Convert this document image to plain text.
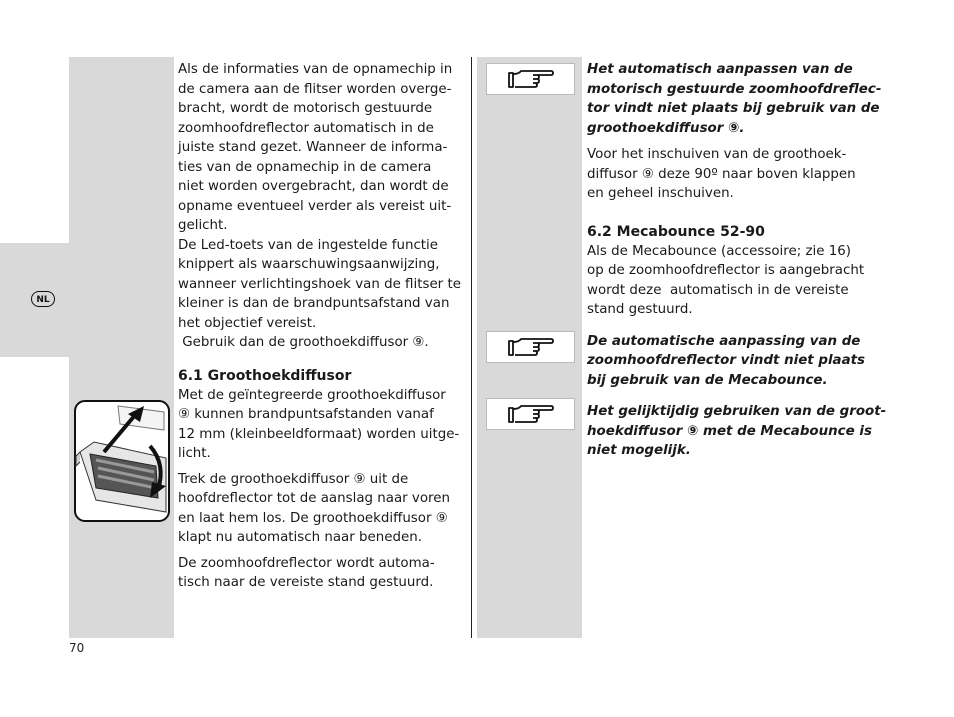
NL

Als de informaties van de opnamechip in
de camera aan de flitser worden overge-
bracht, wordt de motorisch gestuurde
zoomhoofdreflector automatisch in de
juiste stand gezet. Wanneer de informa-
ties van de opnamechip in de camera
niet worden overgebracht, dan wordt de
opname eventueel verder als vereist uit-
gelicht.
De Led-toets van de ingestelde functie
knippert als waarschuwingsaanwijzing,
wanneer verlichtingshoek van de flitser te
kleiner is dan de brandpuntsafstand van
het objectief vereist.
Gebruik dan de groothoekdiffusor ⑨.

6.1 Groothoekdiffusor

Met de geïntegreerde groothoekdiffusor
⑨ kunnen brandpuntsafstanden vanaf
12 mm (kleinbeeldformaat) worden uitge-
licht.

Trek de groothoekdiffusor ⑨ uit de
hoofdreflector tot de aanslag naar voren
en laat hem los. De groothoekdiffusor ⑨
klapt nu automatisch naar beneden.

De zoomhoofdreflector wordt automa-
tisch naar de vereiste stand gestuurd.

Het automatisch aanpassen van de
motorisch gestuurde zoomhoofdreflec-
tor vindt niet plaats bij gebruik van de
groothoekdiffusor ⑨.

Voor het inschuiven van de groothoek-
diffusor ⑨ deze 90º naar boven klappen
en geheel inschuiven.

6.2 Mecabounce 52-90

Als de Mecabounce (accessoire; zie 16)
op de zoomhoofdreflector is aangebracht
wordt deze  automatisch in de vereiste
stand gestuurd.

De automatische aanpassing van de
zoomhoofdreflector vindt niet plaats
bij gebruik van de Mecabounce.

Het gelijktijdig gebruiken van de groot-
hoekdiffusor ⑨ met de Mecabounce is
niet mogelijk.

70
